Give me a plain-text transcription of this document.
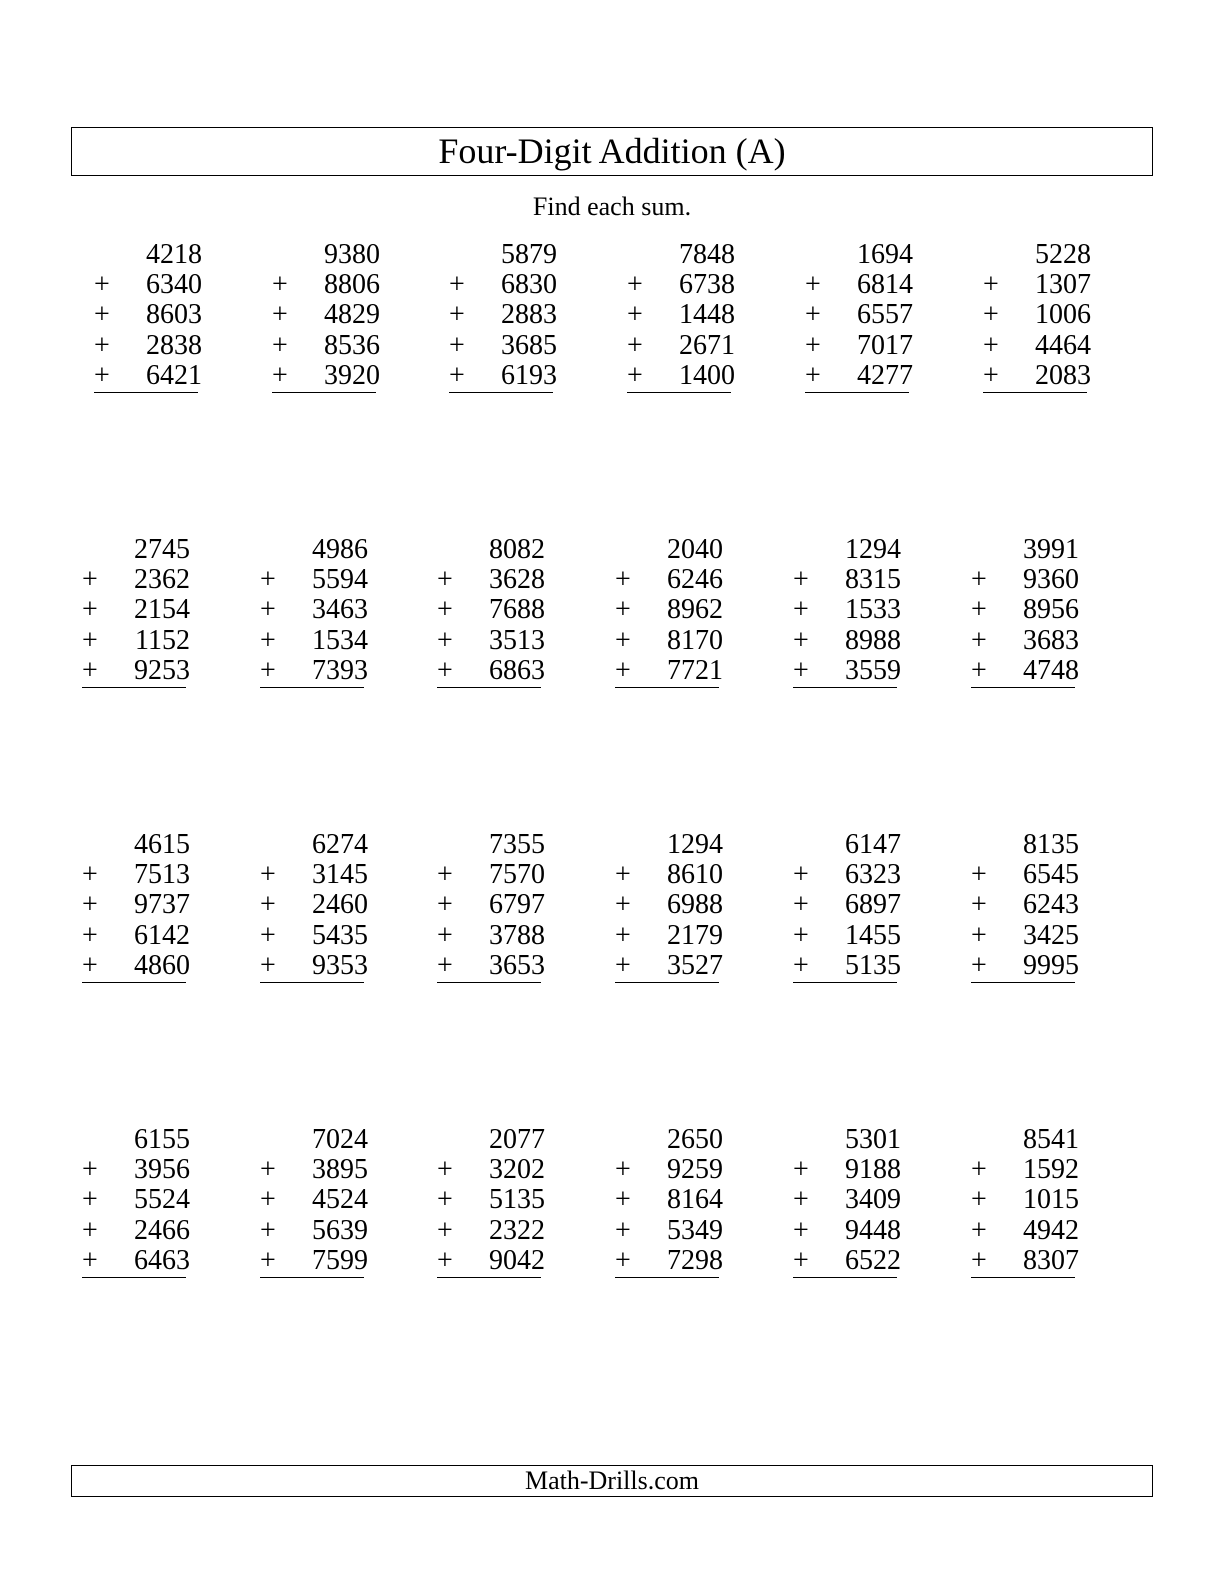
Four-Digit Addition (A)
Find each sum.
4218
+	6340
+	8603
+	2838
+	6421
9380
+	8806
+	4829
+	8536
+	3920
5879
+	6830
+	2883
+	3685
+	6193
7848
+	6738
+	1448
+	2671
+	1400
1694
+	6814
+	6557
+	7017
+	4277
5228
+	1307
+	1006
+	4464
+	2083
2745
+	2362
+	2154
+	1152
+	9253
4986
+	5594
+	3463
+	1534
+	7393
8082
+	3628
+	7688
+	3513
+	6863
2040
+	6246
+	8962
+	8170
+	7721
1294
+	8315
+	1533
+	8988
+	3559
3991
+	9360
+	8956
+	3683
+	4748
4615
+	7513
+	9737
+	6142
+	4860
6274
+	3145
+	2460
+	5435
+	9353
7355
+	7570
+	6797
+	3788
+	3653
1294
+	8610
+	6988
+	2179
+	3527
6147
+	6323
+	6897
+	1455
+	5135
8135
+	6545
+	6243
+	3425
+	9995
6155
+	3956
+	5524
+	2466
+	6463
7024
+	3895
+	4524
+	5639
+	7599
2077
+	3202
+	5135
+	2322
+	9042
2650
+	9259
+	8164
+	5349
+	7298
5301
+	9188
+	3409
+	9448
+	6522
8541
+	1592
+	1015
+	4942
+	8307
Math-Drills.com
